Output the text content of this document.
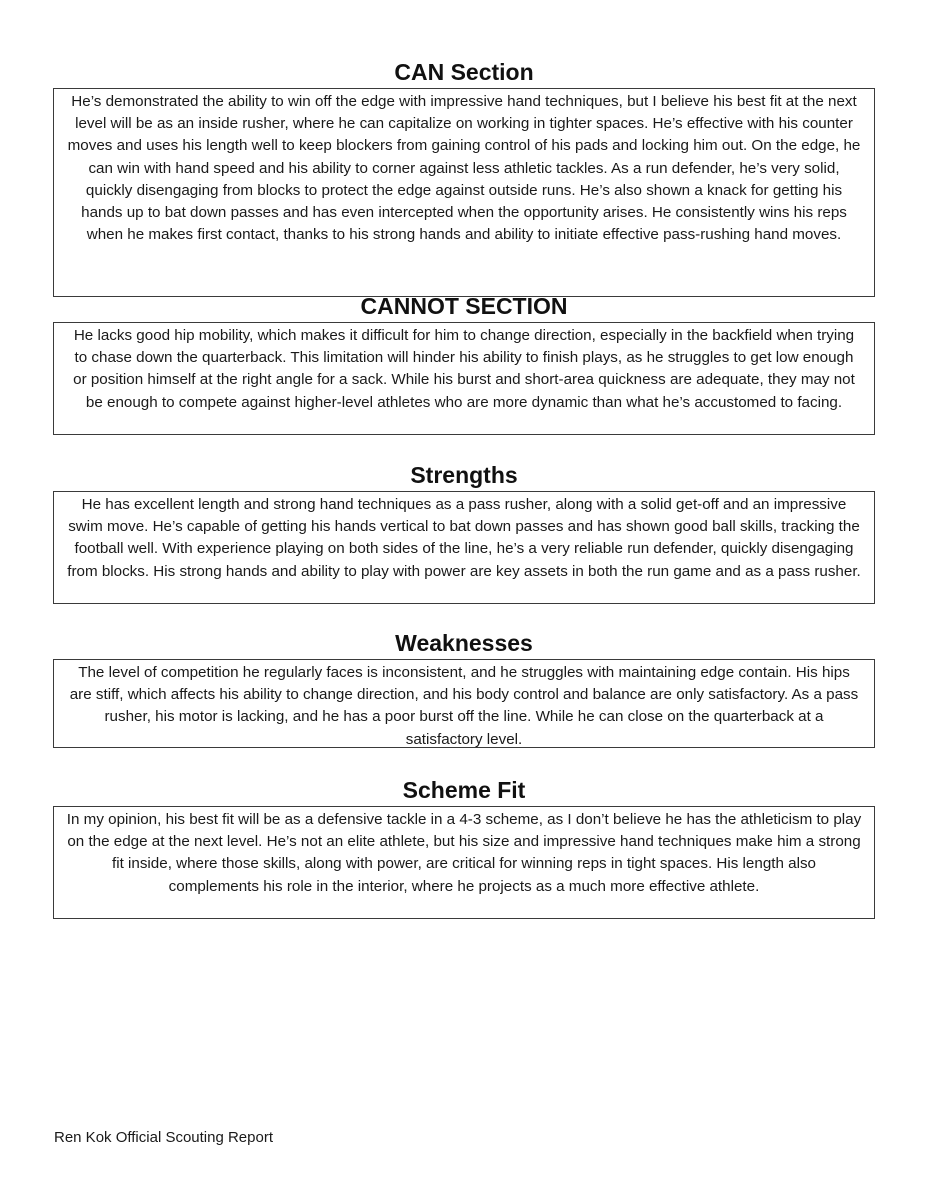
CAN Section
He’s demonstrated the ability to win off the edge with impressive hand techniques, but I believe his best fit at the next level will be as an inside rusher, where he can capitalize on working in tighter spaces. He’s effective with his counter moves and uses his length well to keep blockers from gaining control of his pads and locking him out. On the edge, he can win with hand speed and his ability to corner against less athletic tackles. As a run defender, he’s very solid, quickly disengaging from blocks to protect the edge against outside runs. He’s also shown a knack for getting his hands up to bat down passes and has even intercepted when the opportunity arises. He consistently wins his reps when he makes first contact, thanks to his strong hands and ability to initiate effective pass-rushing hand moves.
CANNOT SECTION
He lacks good hip mobility, which makes it difficult for him to change direction, especially in the backfield when trying to chase down the quarterback. This limitation will hinder his ability to finish plays, as he struggles to get low enough or position himself at the right angle for a sack. While his burst and short-area quickness are adequate, they may not be enough to compete against higher-level athletes who are more dynamic than what he’s accustomed to facing.
Strengths
He has excellent length and strong hand techniques as a pass rusher, along with a solid get-off and an impressive swim move. He’s capable of getting his hands vertical to bat down passes and has shown good ball skills, tracking the football well. With experience playing on both sides of the line, he’s a very reliable run defender, quickly disengaging from blocks. His strong hands and ability to play with power are key assets in both the run game and as a pass rusher.
Weaknesses
The level of competition he regularly faces is inconsistent, and he struggles with maintaining edge contain. His hips are stiff, which affects his ability to change direction, and his body control and balance are only satisfactory. As a pass rusher, his motor is lacking, and he has a poor burst off the line. While he can close on the quarterback at a satisfactory level.
Scheme Fit
In my opinion, his best fit will be as a defensive tackle in a 4-3 scheme, as I don’t believe he has the athleticism to play on the edge at the next level. He’s not an elite athlete, but his size and impressive hand techniques make him a strong fit inside, where those skills, along with power, are critical for winning reps in tight spaces. His length also complements his role in the interior, where he projects as a much more effective athlete.
Ren Kok Official Scouting Report
